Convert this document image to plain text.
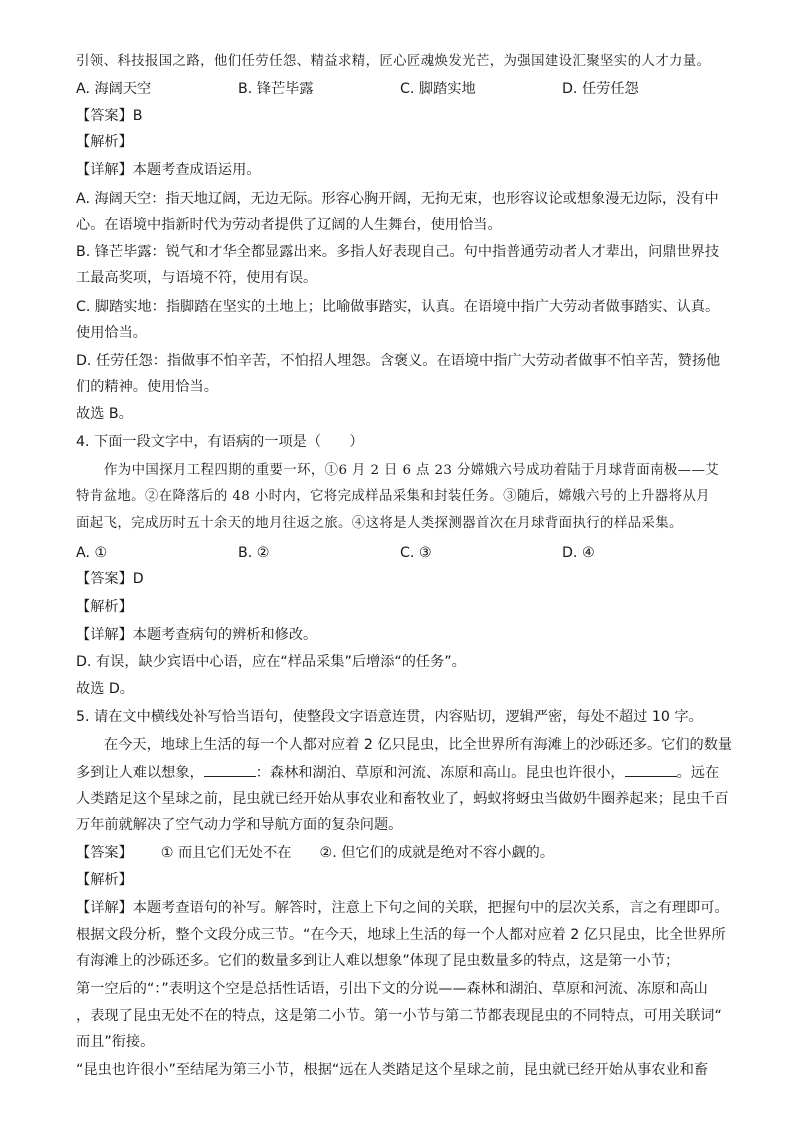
引领、科技报国之路，他们任劳任怨、精益求精，匠心匠魂焕发光芒，为强国建设汇聚坚实的人才力量。
A. 海阔天空	B. 锋芒毕露	C. 脚踏实地	D. 任劳任怨
【答案】B
【解析】
【详解】本题考查成语运用。
A. 海阔天空：指天地辽阔，无边无际。形容心胸开阔，无拘无束，也形容议论或想象漫无边际，没有中
心。在语境中指新时代为劳动者提供了辽阔的人生舞台，使用恰当。
B. 锋芒毕露：锐气和才华全都显露出来。多指人好表现自己。句中指普通劳动者人才辈出，问鼎世界技
工最高奖项，与语境不符，使用有误。
C. 脚踏实地：指脚踏在坚实的土地上；比喻做事踏实，认真。在语境中指广大劳动者做事踏实、认真。
使用恰当。
D. 任劳任怨：指做事不怕辛苦，不怕招人埋怨。含褒义。在语境中指广大劳动者做事不怕辛苦，赞扬他
们的精神。使用恰当。
故选 B。
4. 下面一段文字中，有语病的一项是（　　）
作为中国探月工程四期的重要一环，①6 月 2 日 6 点 23 分嫦娥六号成功着陆于月球背面南极——艾
特肯盆地。②在降落后的 48 小时内，它将完成样品采集和封装任务。③随后，嫦娥六号的上升器将从月
面起飞，完成历时五十余天的地月往返之旅。④这将是人类探测器首次在月球背面执行的样品采集。
A. ①	B. ②	C. ③	D. ④
【答案】D
【解析】
【详解】本题考查病句的辨析和修改。
D. 有误，缺少宾语中心语，应在“样品采集”后增添“的任务”。
故选 D。
5. 请在文中横线处补写恰当语句，使整段文字语意连贯，内容贴切，逻辑严密，每处不超过 10 字。
在今天，地球上生活的每一个人都对应着 2 亿只昆虫，比全世界所有海滩上的沙砾还多。它们的数量
多到让人难以想象，	：森林和湖泊、草原和河流、冻原和高山。昆虫也许很小，	。远在
人类踏足这个星球之前，昆虫就已经开始从事农业和畜牧业了，蚂蚁将蚜虫当做奶牛圈养起来；昆虫千百
万年前就解决了空气动力学和导航方面的复杂问题。
【答案】 ① 而且它们无处不在 ②. 但它们的成就是绝对不容小觑的。
【解析】
【详解】本题考查语句的补写。解答时，注意上下句之间的关联，把握句中的层次关系，言之有理即可。
根据文段分析，整个文段分成三节。“在今天，地球上生活的每一个人都对应着 2 亿只昆虫，比全世界所
有海滩上的沙砾还多。它们的数量多到让人难以想象”体现了昆虫数量多的特点，这是第一小节；
第一空后的“：”表明这个空是总括性话语，引出下文的分说——森林和湖泊、草原和河流、冻原和高山
，表现了昆虫无处不在的特点，这是第二小节。第一小节与第二节都表现昆虫的不同特点，可用关联词“
而且”衔接。
“昆虫也许很小”至结尾为第三小节，根据“远在人类踏足这个星球之前，昆虫就已经开始从事农业和畜
